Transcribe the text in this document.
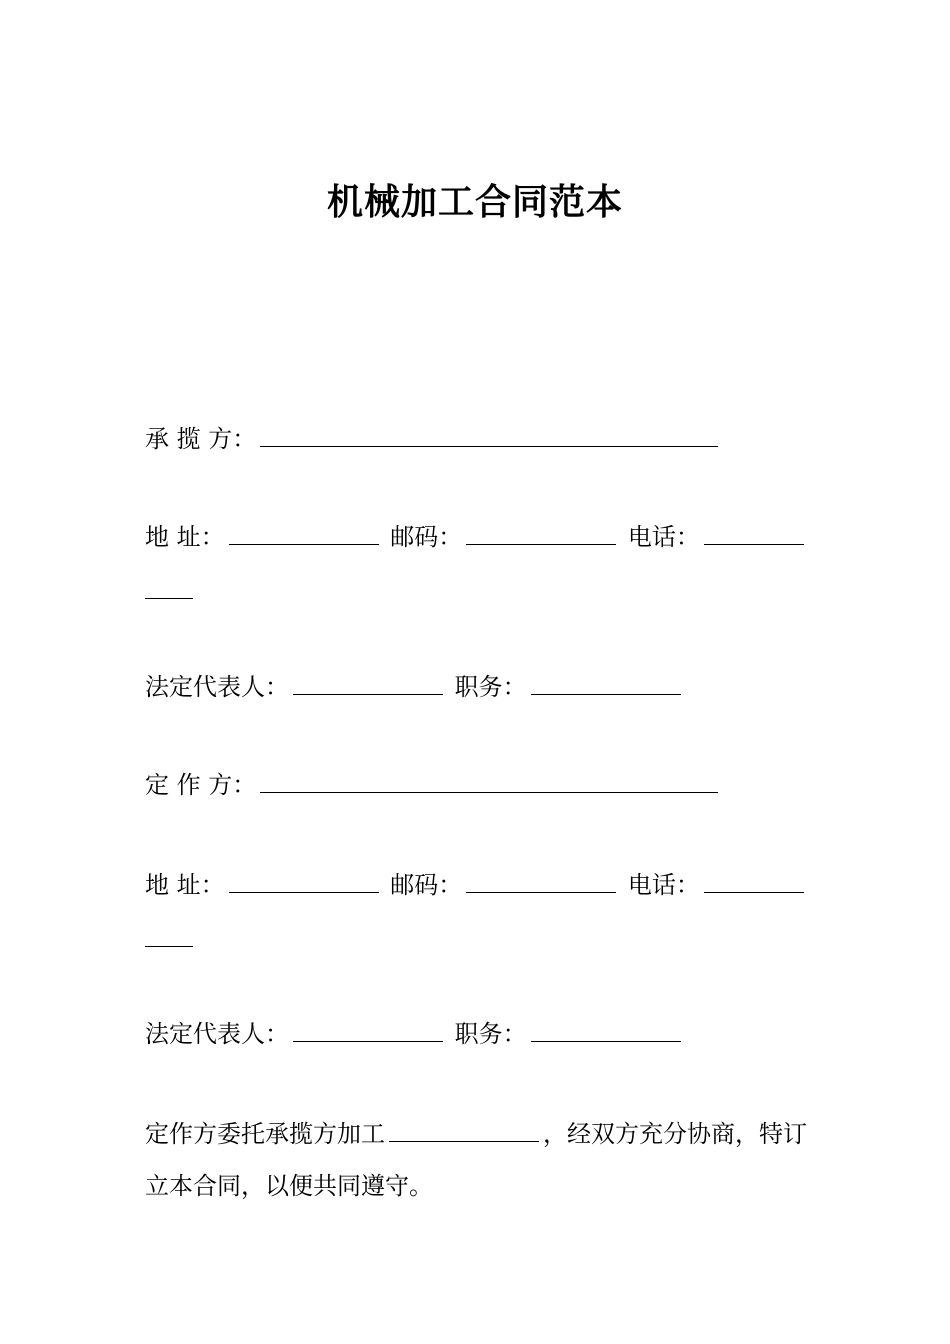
机械加工合同范本
承 揽 方：
地 址：	邮码：	电话：
法定代表人：	职务：
定 作 方：
地 址：	邮码：	电话：
法定代表人：	职务：
定作方委托承揽方加工	，经双方充分协商，特订立本合同，以便共同遵守。
